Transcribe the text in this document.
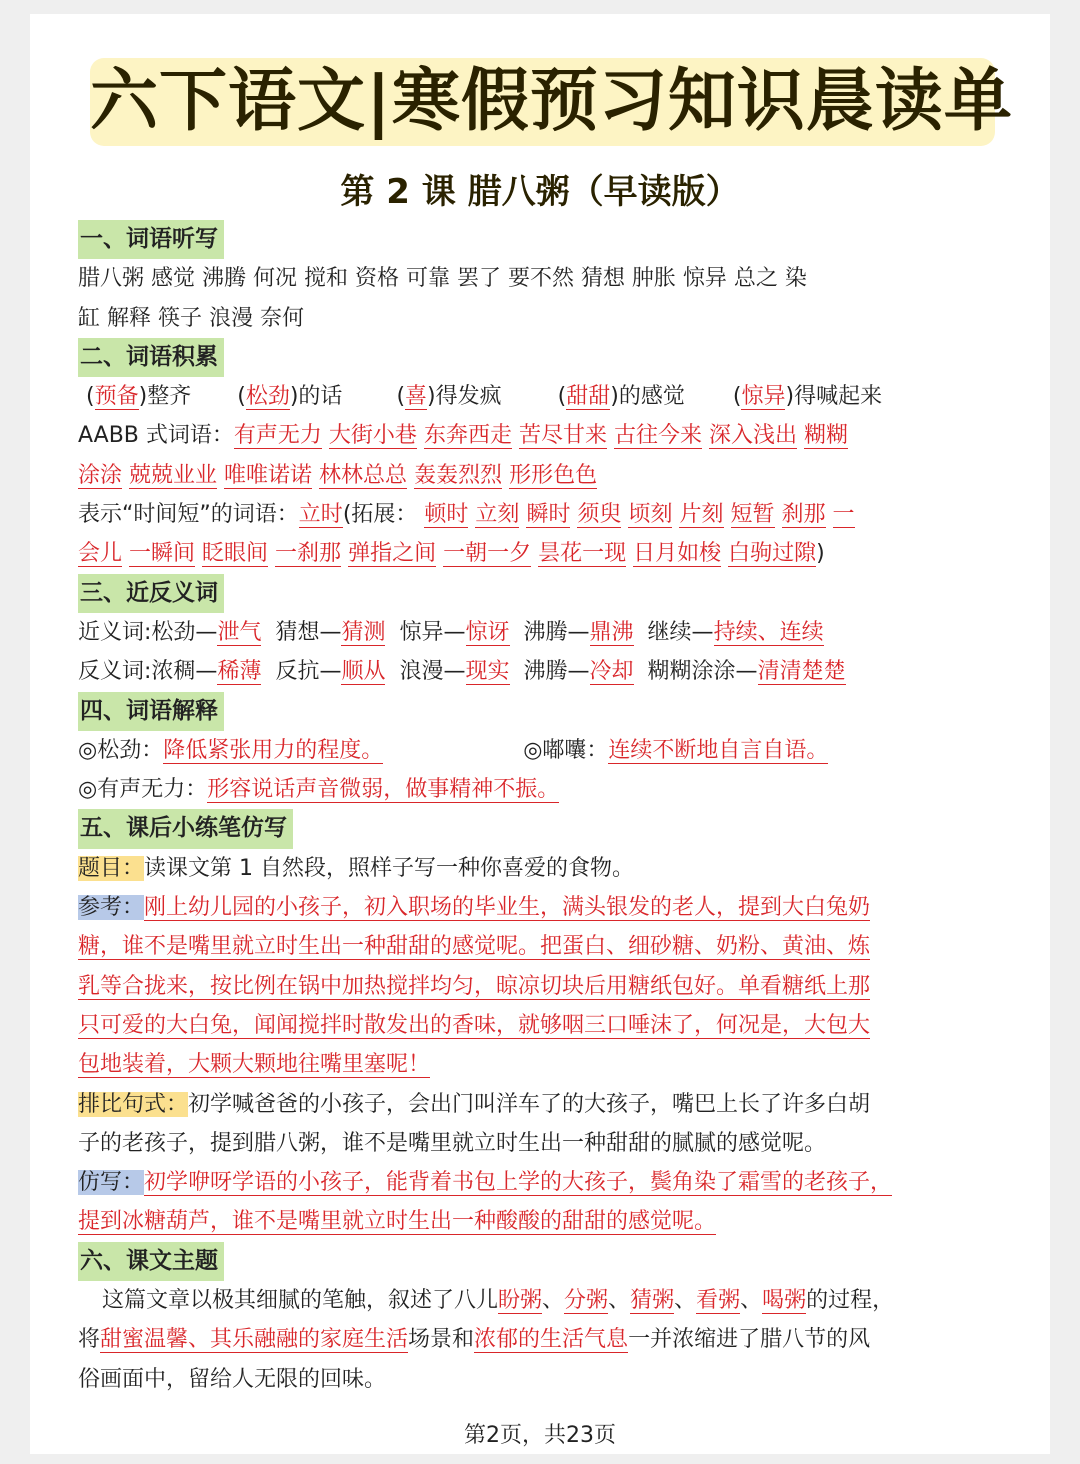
六下语文|寒假预习知识晨读单
第 2 课 腊八粥（早读版）
一、词语听写
腊八粥 感觉 沸腾 何况 搅和 资格 可靠 罢了 要不然 猜想 肿胀 惊异 总之 染
缸 解释 筷子 浪漫 奈何
二、词语积累
(预备)整齐 (松劲)的话 (喜)得发疯	(甜甜)的感觉 (惊异)得喊起来
AABB 式词语：有声无力 大街小巷 东奔西走 苦尽甘来 古往今来 深入浅出 糊糊
涂涂 兢兢业业 唯唯诺诺 林林总总 轰轰烈烈 形形色色
表示“时间短”的词语：立时(拓展： 顿时 立刻 瞬时 须臾 顷刻 片刻 短暂 刹那 一
会儿 一瞬间 眨眼间 一刹那 弹指之间 一朝一夕 昙花一现 日月如梭 白驹过隙)
三、近反义词
近义词:松劲—泄气 猜想—猜测 惊异—惊讶 沸腾—鼎沸 继续—持续、连续
反义词:浓稠—稀薄 反抗—顺从 浪漫—现实 沸腾—冷却 糊糊涂涂—清清楚楚
四、词语解释
◎松劲：降低紧张用力的程度。	◎嘟囔：连续不断地自言自语。
◎有声无力：形容说话声音微弱，做事精神不振。
五、课后小练笔仿写
题目：读课文第 1 自然段，照样子写一种你喜爱的食物。
参考：刚上幼儿园的小孩子，初入职场的毕业生，满头银发的老人，提到大白兔奶
糖，谁不是嘴里就立时生出一种甜甜的感觉呢。把蛋白、细砂糖、奶粉、黄油、炼
乳等合拢来，按比例在锅中加热搅拌均匀，晾凉切块后用糖纸包好。单看糖纸上那
只可爱的大白兔，闻闻搅拌时散发出的香味，就够咽三口唾沫了，何况是，大包大
包地装着，大颗大颗地往嘴里塞呢！
排比句式：初学喊爸爸的小孩子，会出门叫洋车了的大孩子，嘴巴上长了许多白胡
子的老孩子，提到腊八粥，谁不是嘴里就立时生出一种甜甜的腻腻的感觉呢。
仿写：初学咿呀学语的小孩子，能背着书包上学的大孩子，鬓角染了霜雪的老孩子，
提到冰糖葫芦，谁不是嘴里就立时生出一种酸酸的甜甜的感觉呢。
六、课文主题
这篇文章以极其细腻的笔触，叙述了八儿盼粥、分粥、猜粥、看粥、喝粥的过程，
将甜蜜温馨、其乐融融的家庭生活场景和浓郁的生活气息一并浓缩进了腊八节的风
俗画面中，留给人无限的回味。
第2页，共23页
